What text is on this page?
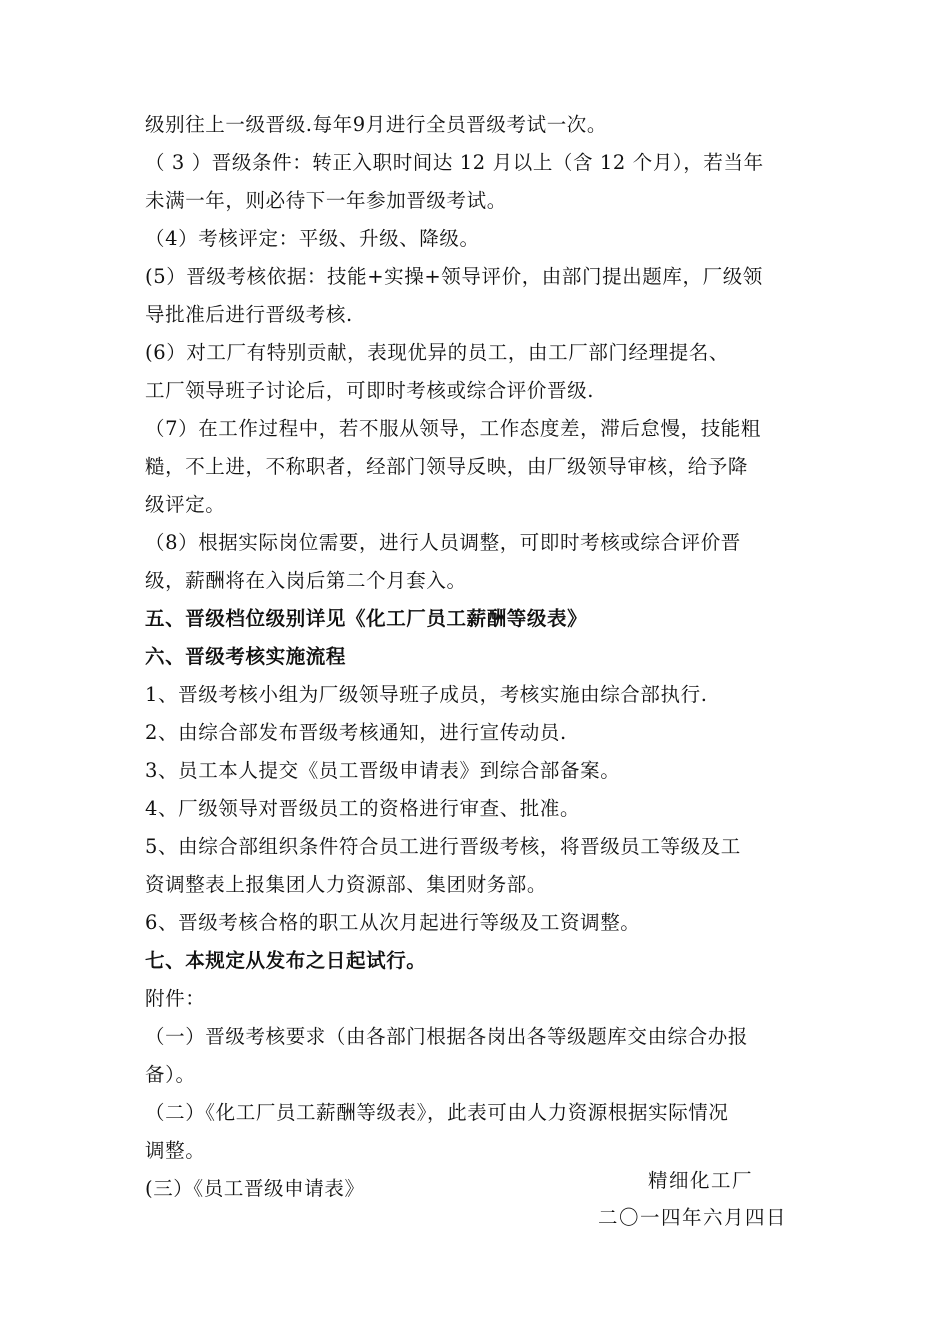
级别往上一级晋级.每年9月进行全员晋级考试一次。
（ 3 ）晋级条件：转正入职时间达 12 月以上（含 12 个月），若当年
未满一年，则必待下一年参加晋级考试。
（4）考核评定：平级、升级、降级。
(5）晋级考核依据：技能+实操+领导评价，由部门提出题库，厂级领
导批准后进行晋级考核.
(6）对工厂有特别贡献，表现优异的员工，由工厂部门经理提名、
工厂领导班子讨论后，可即时考核或综合评价晋级.
（7）在工作过程中，若不服从领导，工作态度差，滞后怠慢，技能粗
糙，不上进，不称职者，经部门领导反映，由厂级领导审核，给予降
级评定。
（8）根据实际岗位需要，进行人员调整，可即时考核或综合评价晋
级，薪酬将在入岗后第二个月套入。
五、晋级档位级别详见《化工厂员工薪酬等级表》
六、晋级考核实施流程
1、晋级考核小组为厂级领导班子成员，考核实施由综合部执行.
2、由综合部发布晋级考核通知，进行宣传动员.
3、员工本人提交《员工晋级申请表》到综合部备案。
4、厂级领导对晋级员工的资格进行审查、批准。
5、由综合部组织条件符合员工进行晋级考核，将晋级员工等级及工
资调整表上报集团人力资源部、集团财务部。
6、晋级考核合格的职工从次月起进行等级及工资调整。
七、本规定从发布之日起试行。
附件：
（一）晋级考核要求（由各部门根据各岗出各等级题库交由综合办报
备）。
（二）《化工厂员工薪酬等级表》，此表可由人力资源根据实际情况
调整。
(三）《员工晋级申请表》	精细化工厂
二〇一四年六月四日
